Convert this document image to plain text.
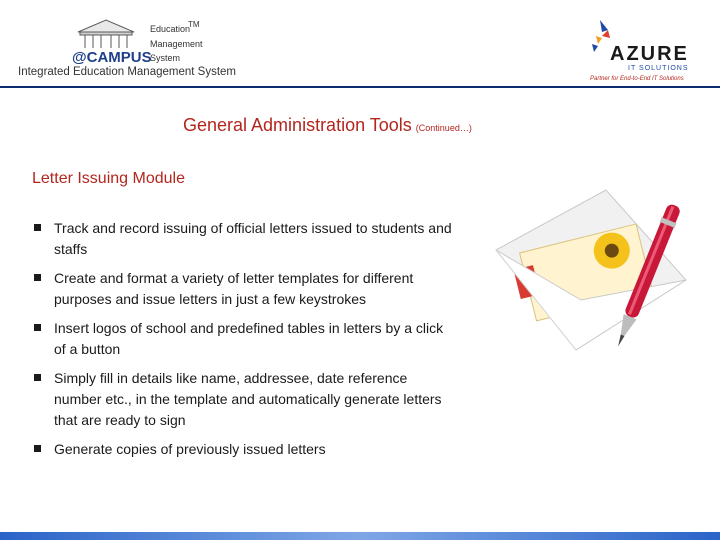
@CAMPUS
Education
TM
Management
System
Integrated Education Management System
AZURE
IT SOLUTIONS
Partner for End-to-End IT Solutions
General Administration Tools (Continued…)
Letter Issuing Module
Track and record issuing of official letters issued to students and staffs
Create and format a variety of letter templates for different purposes and issue letters in just a few keystrokes
Insert logos of school and predefined tables in letters by a click of a button
Simply fill in details like name, addressee, date reference number etc., in the template and automatically generate letters that are ready to sign
Generate copies of previously issued letters
